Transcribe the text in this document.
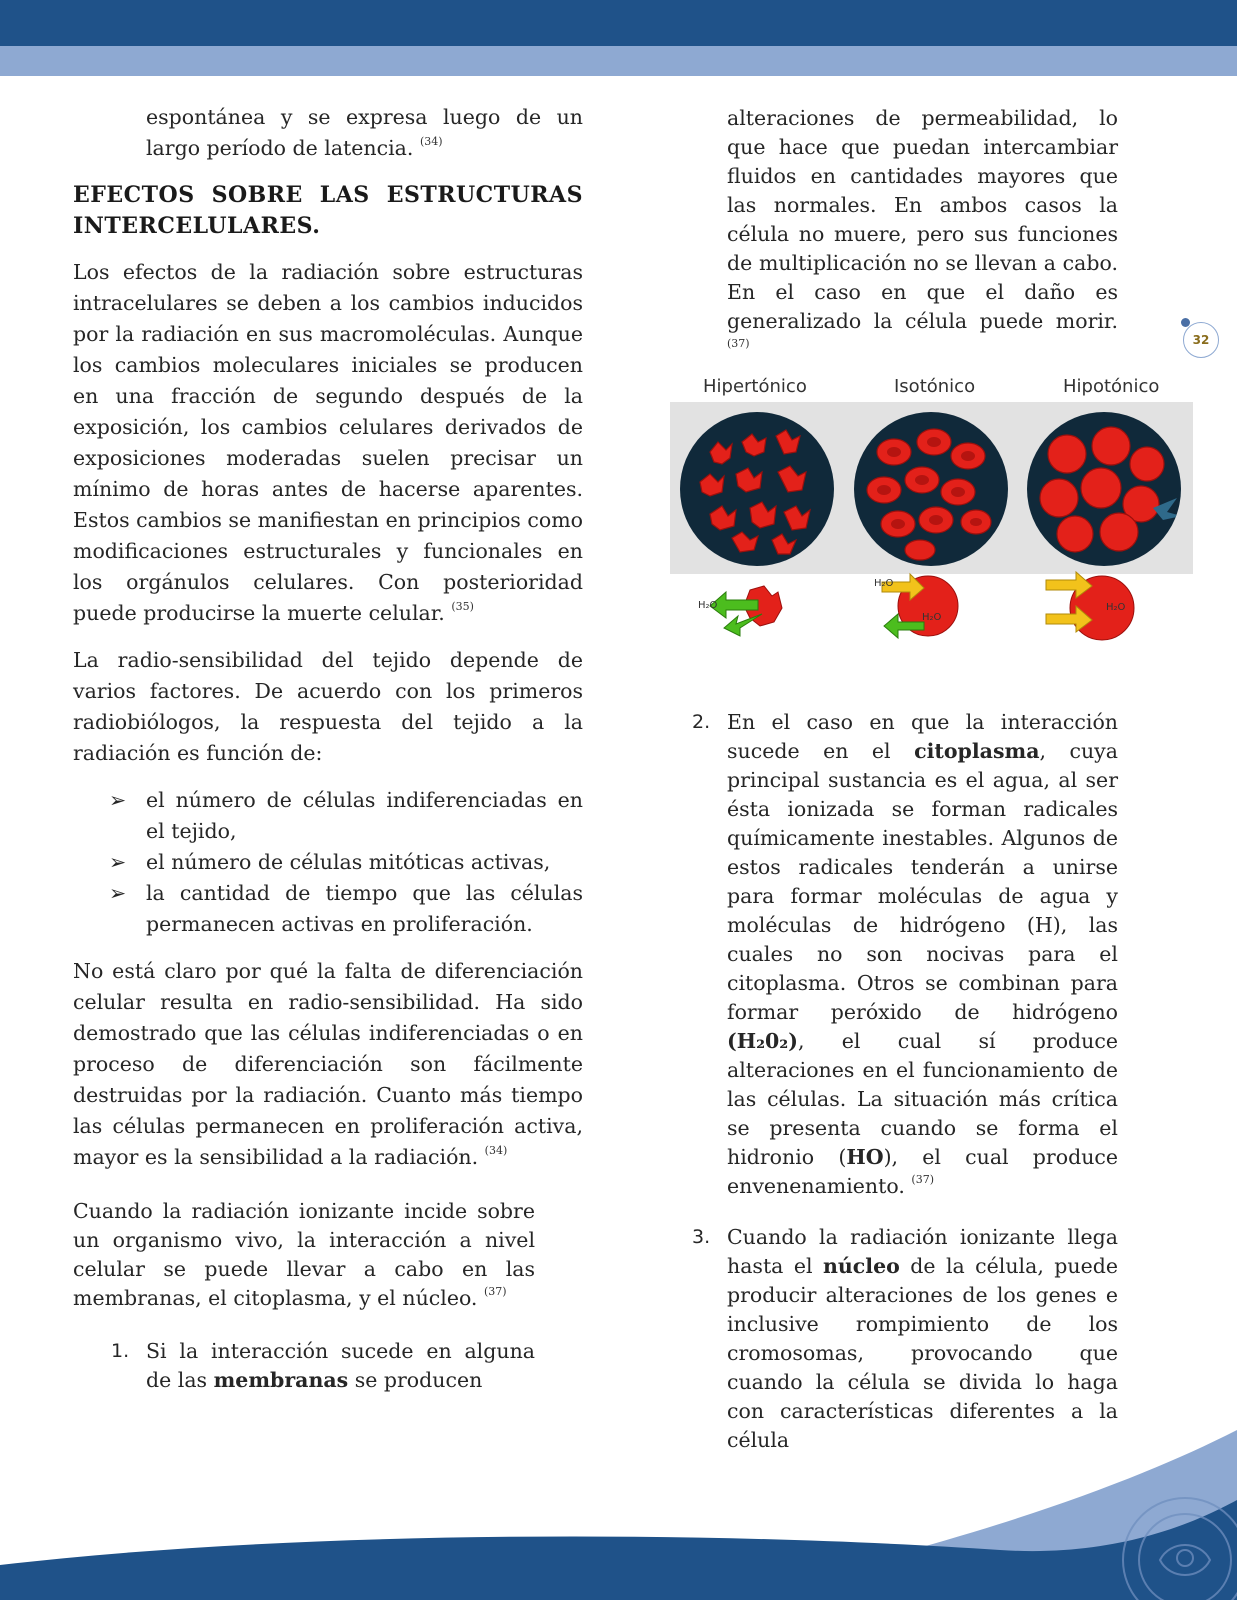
32

espontánea y se expresa luego de un largo período de latencia. $^{(34)}$

EFECTOS SOBRE LAS ESTRUCTURAS INTERCELULARES.

Los efectos de la radiación sobre estructuras intracelulares se deben a los cambios inducidos por la radiación en sus macromoléculas. Aunque los cambios moleculares iniciales se producen en una fracción de segundo después de la exposición, los cambios celulares derivados de exposiciones moderadas suelen precisar un mínimo de horas antes de hacerse aparentes. Estos cambios se manifiestan en principios como modificaciones estructurales y funcionales en los orgánulos celulares. Con posterioridad puede producirse la muerte celular. $^{(35)}$

La radio-sensibilidad del tejido depende de varios factores. De acuerdo con los primeros radiobiólogos, la respuesta del tejido a la radiación es función de:

➢ el número de células indiferenciadas en el tejido,
➢ el número de células mitóticas activas,
➢ la cantidad de tiempo que las células permanecen activas en proliferación.

No está claro por qué la falta de diferenciación celular resulta en radio-sensibilidad. Ha sido demostrado que las células indiferenciadas o en proceso de diferenciación son fácilmente destruidas por la radiación. Cuanto más tiempo las células permanecen en proliferación activa, mayor es la sensibilidad a la radiación. $^{(34)}$

Cuando la radiación ionizante incide sobre un organismo vivo, la interacción a nivel celular se puede llevar a cabo en las membranas, el citoplasma, y el núcleo. $^{(37)}$

1. Si la interacción sucede en alguna de las membranas se producen

alteraciones de permeabilidad, lo que hace que puedan intercambiar fluidos en cantidades mayores que las normales. En ambos casos la célula no muere, pero sus funciones de multiplicación no se llevan a cabo. En el caso en que el daño es generalizado la célula puede morir. $^{(37)}$

Hipertónico	Isotónico	Hipotónico
H₂O
H₂O
H₂O
H₂O
2. En el caso en que la interacción sucede en el citoplasma, cuya principal sustancia es el agua, al ser ésta ionizada se forman radicales químicamente inestables. Algunos de estos radicales tenderán a unirse para formar moléculas de agua y moléculas de hidrógeno (H), las cuales no son nocivas para el citoplasma. Otros se combinan para formar peróxido de hidrógeno (H₂0₂), el cual sí produce alteraciones en el funcionamiento de las células. La situación más crítica se presenta cuando se forma el hidronio (HO), el cual produce envenenamiento. $^{(37)}$
3. Cuando la radiación ionizante llega hasta el núcleo de la célula, puede producir alteraciones de los genes e inclusive rompimiento de los cromosomas, provocando que cuando la célula se divida lo haga con características diferentes a la célula
